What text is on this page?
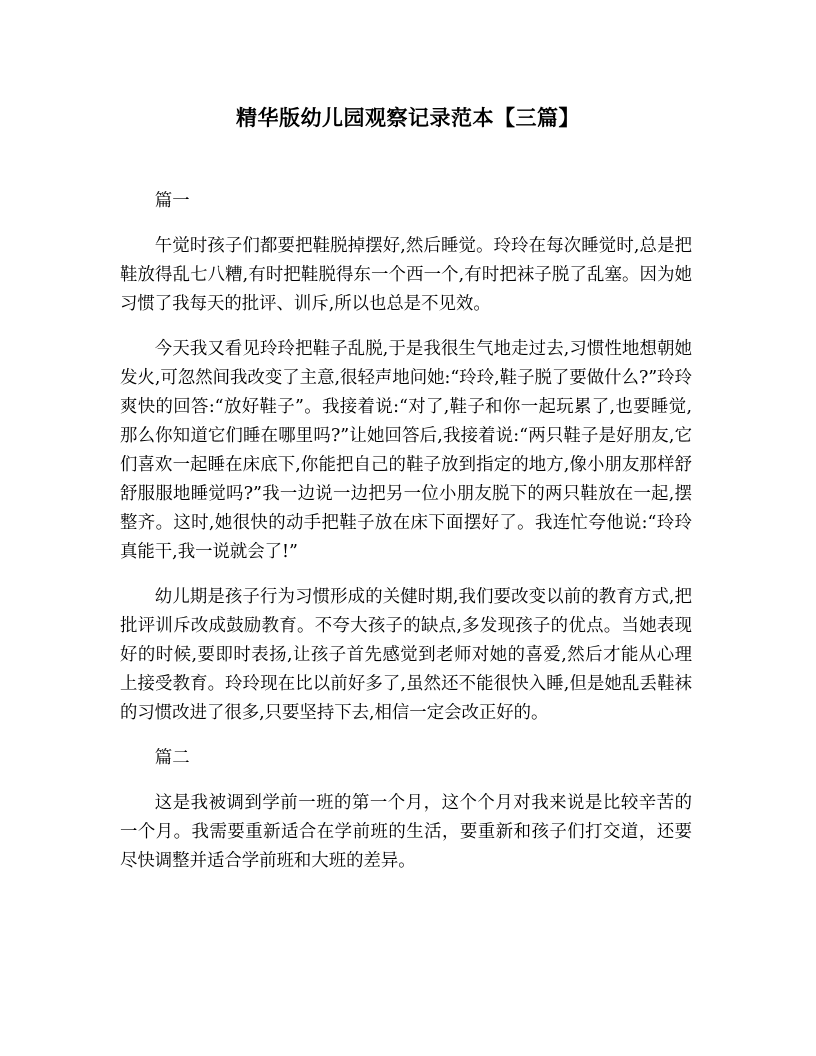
精华版幼儿园观察记录范本【三篇】

篇一

午觉时孩子们都要把鞋脱掉摆好,然后睡觉。玲玲在每次睡觉时,总是把鞋放得乱七八糟,有时把鞋脱得东一个西一个,有时把袜子脱了乱塞。因为她习惯了我每天的批评、训斥,所以也总是不见效。

今天我又看见玲玲把鞋子乱脱,于是我很生气地走过去,习惯性地想朝她发火,可忽然间我改变了主意,很轻声地问她:“玲玲,鞋子脱了要做什么?”玲玲爽快的回答:“放好鞋子”。我接着说:“对了,鞋子和你一起玩累了,也要睡觉,那么你知道它们睡在哪里吗?”让她回答后,我接着说:“两只鞋子是好朋友,它们喜欢一起睡在床底下,你能把自己的鞋子放到指定的地方,像小朋友那样舒舒服服地睡觉吗?”我一边说一边把另一位小朋友脱下的两只鞋放在一起,摆整齐。这时,她很快的动手把鞋子放在床下面摆好了。我连忙夸他说:“玲玲真能干,我一说就会了!”

幼儿期是孩子行为习惯形成的关健时期,我们要改变以前的教育方式,把批评训斥改成鼓励教育。不夸大孩子的缺点,多发现孩子的优点。当她表现好的时候,要即时表扬,让孩子首先感觉到老师对她的喜爱,然后才能从心理上接受教育。玲玲现在比以前好多了,虽然还不能很快入睡,但是她乱丢鞋袜的习惯改进了很多,只要坚持下去,相信一定会改正好的。

篇二

这是我被调到学前一班的第一个月，这个个月对我来说是比较辛苦的一个月。我需要重新适合在学前班的生活，要重新和孩子们打交道，还要尽快调整并适合学前班和大班的差异。
